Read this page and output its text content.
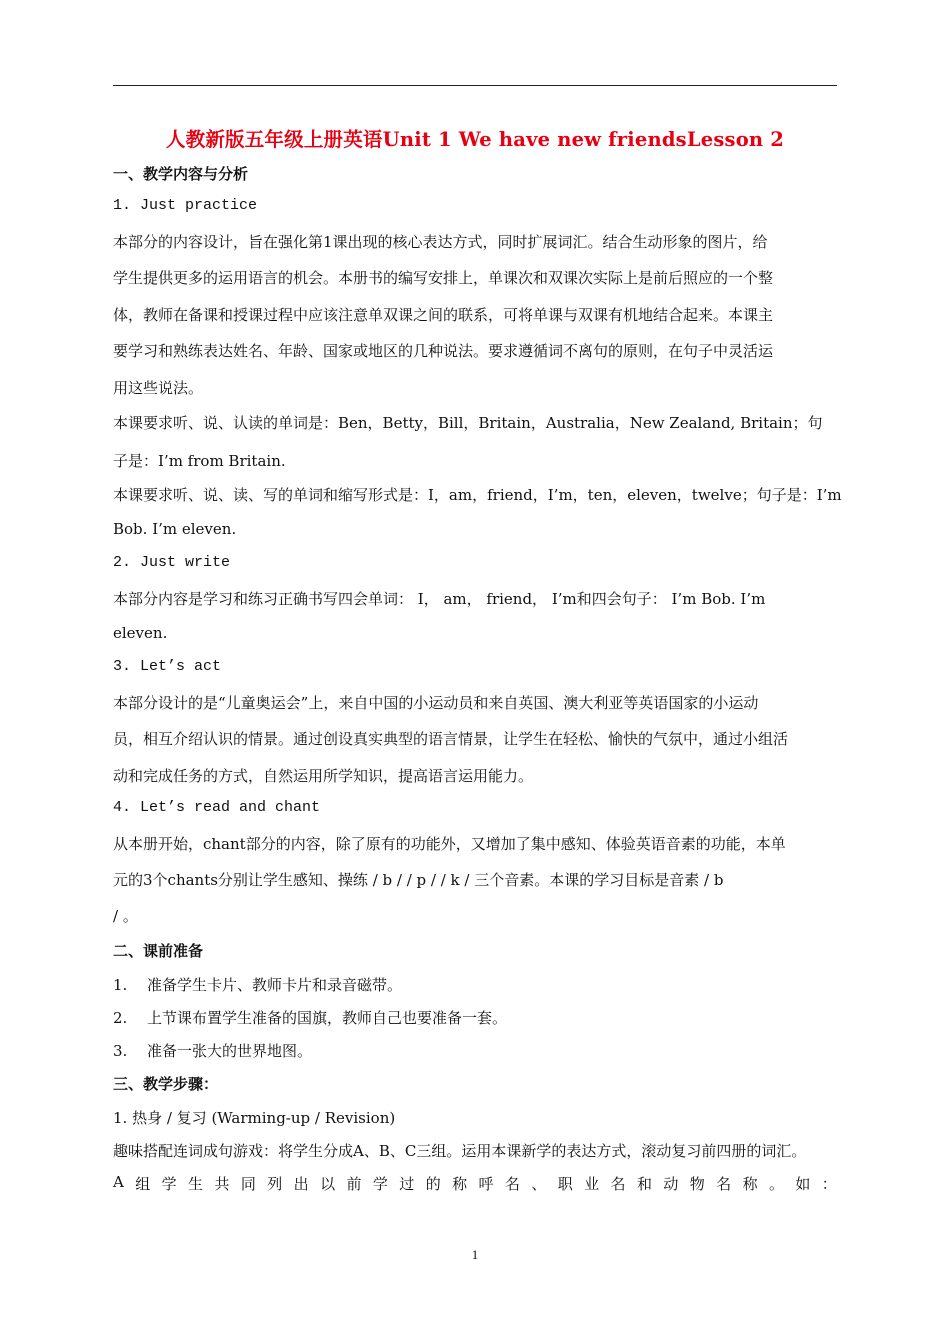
人教新版五年级上册英语Unit 1 We have new friendsLesson 2
一、教学内容与分析
1. Just practice
本部分的内容设计，旨在强化第1课出现的核心表达方式，同时扩展词汇。结合生动形象的图片，给
学生提供更多的运用语言的机会。本册书的编写安排上，单课次和双课次实际上是前后照应的一个整
体，教师在备课和授课过程中应该注意单双课之间的联系，可将单课与双课有机地结合起来。本课主
要学习和熟练表达姓名、年龄、国家或地区的几种说法。要求遵循词不离句的原则，在句子中灵活运
用这些说法。
本课要求听、说、认读的单词是：Ben，Betty，Bill，Britain，Australia，New Zealand, Britain；句
子是：I’m from Britain.
本课要求听、说、读、写的单词和缩写形式是：I，am，friend，I’m，ten，eleven，twelve；句子是：I’m
Bob. I’m eleven.
2. Just write
本部分内容是学习和练习正确书写四会单词： I， am， friend， I’m和四会句子： I’m Bob. I’m
eleven.
3. Let’s act
本部分设计的是“儿童奥运会”上，来自中国的小运动员和来自英国、澳大利亚等英语国家的小运动
员，相互介绍认识的情景。通过创设真实典型的语言情景，让学生在轻松、愉快的气氛中，通过小组活
动和完成任务的方式，自然运用所学知识，提高语言运用能力。
4. Let’s read and chant
从本册开始，chant部分的内容，除了原有的功能外，又增加了集中感知、体验英语音素的功能，本单
元的3个chants分别让学生感知、操练 / b / / p / / k / 三个音素。本课的学习目标是音素 / b
/ 。
二、课前准备
1. 准备学生卡片、教师卡片和录音磁带。
2. 上节课布置学生准备的国旗，教师自己也要准备一套。
3. 准备一张大的世界地图。
三、教学步骤：
1. 热身 / 复习 (Warming-up / Revision)
趣味搭配连词成句游戏：将学生分成A、B、C三组。运用本课新学的表达方式，滚动复习前四册的词汇。
A 组 学 生 共 同 列 出 以 前 学 过 的 称 呼 名 、 职 业 名 和 动 物 名 称 。 如 ：
1
